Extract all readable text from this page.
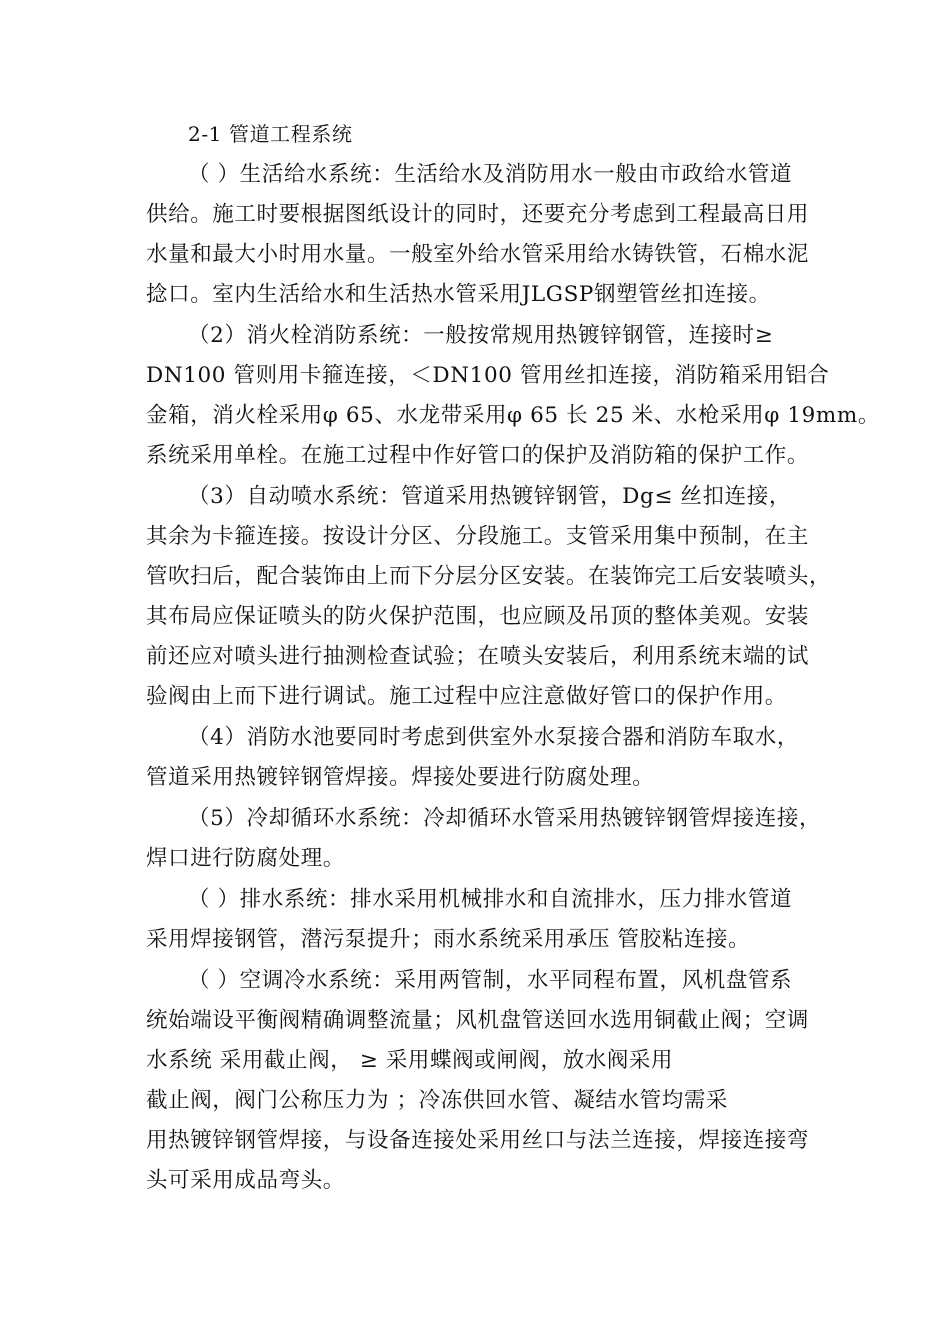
2-1 管道工程系统
（ ）生活给水系统：生活给水及消防用水一般由市政给水管道
供给。施工时要根据图纸设计的同时，还要充分考虑到工程最高日用
水量和最大小时用水量。一般室外给水管采用给水铸铁管，石棉水泥
捻口。室内生活给水和生活热水管采用JLGSP钢塑管丝扣连接。
（2）消火栓消防系统：一般按常规用热镀锌钢管，连接时≥
DN100 管则用卡箍连接，＜DN100 管用丝扣连接，消防箱采用铝合
金箱，消火栓采用φ 65、水龙带采用φ 65 长 25 米、水枪采用φ 19mm。
系统采用单栓。在施工过程中作好管口的保护及消防箱的保护工作。
（3）自动喷水系统：管道采用热镀锌钢管，Dg≤ 丝扣连接，
其余为卡箍连接。按设计分区、分段施工。支管采用集中预制，在主
管吹扫后，配合装饰由上而下分层分区安装。在装饰完工后安装喷头，
其布局应保证喷头的防火保护范围，也应顾及吊顶的整体美观。安装
前还应对喷头进行抽测检查试验；在喷头安装后，利用系统末端的试
验阀由上而下进行调试。施工过程中应注意做好管口的保护作用。
（4）消防水池要同时考虑到供室外水泵接合器和消防车取水，
管道采用热镀锌钢管焊接。焊接处要进行防腐处理。
（5）冷却循环水系统：冷却循环水管采用热镀锌钢管焊接连接，
焊口进行防腐处理。
（ ）排水系统：排水采用机械排水和自流排水，压力排水管道
采用焊接钢管，潜污泵提升；雨水系统采用承压 管胶粘连接。
（ ）空调冷水系统：采用两管制，水平同程布置，风机盘管系
统始端设平衡阀精确调整流量；风机盘管送回水选用铜截止阀；空调
水系统 采用截止阀， ≥ 采用蝶阀或闸阀，放水阀采用
截止阀，阀门公称压力为 ；冷冻供回水管、凝结水管均需采
用热镀锌钢管焊接，与设备连接处采用丝口与法兰连接，焊接连接弯
头可采用成品弯头。
